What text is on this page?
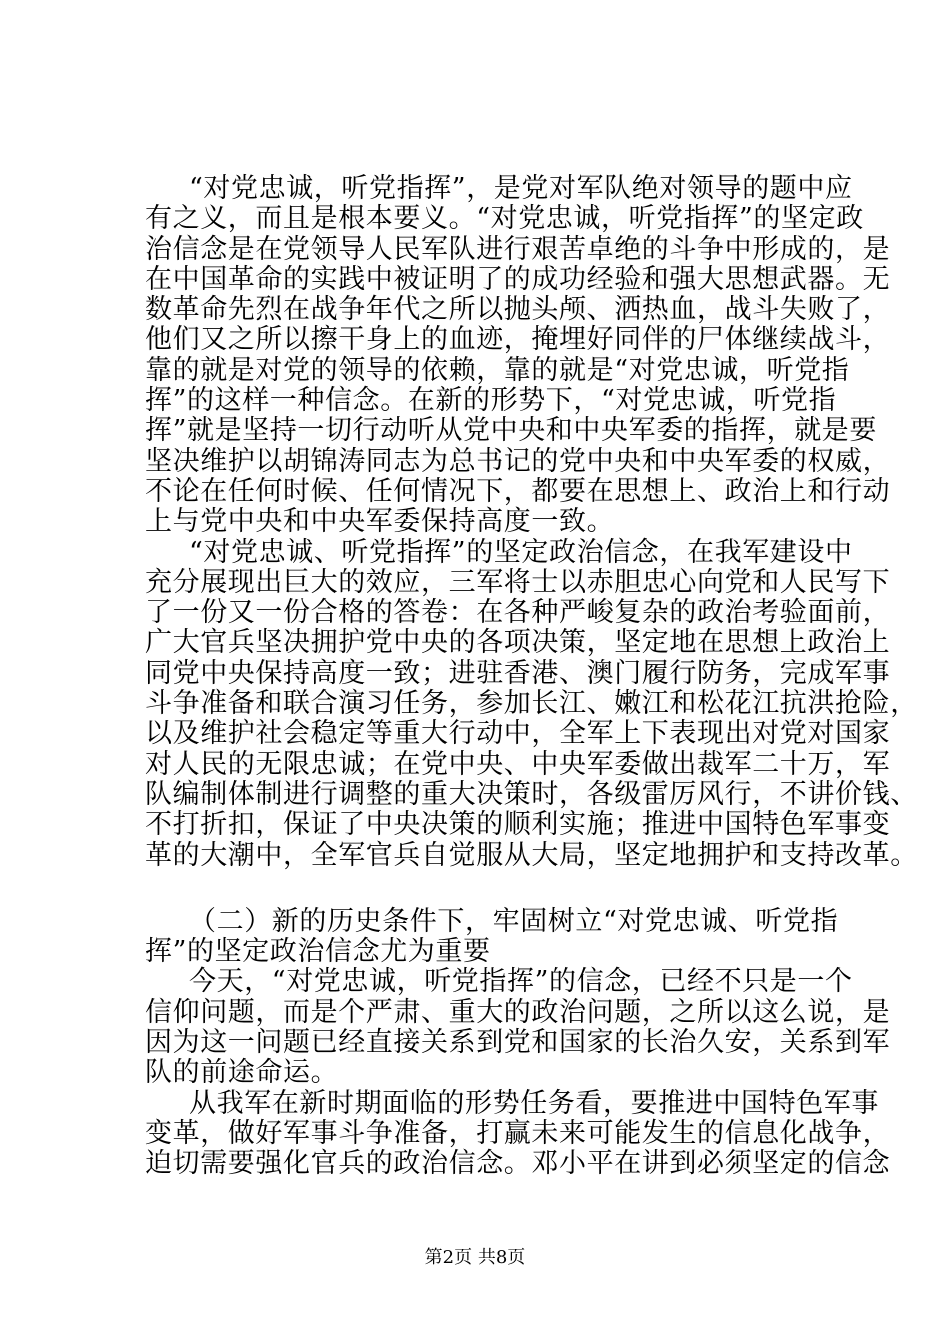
“对党忠诚，听党指挥”，是党对军队绝对领导的题中应
有之义，而且是根本要义。“对党忠诚，听党指挥”的坚定政
治信念是在党领导人民军队进行艰苦卓绝的斗争中形成的，是
在中国革命的实践中被证明了的成功经验和强大思想武器。无
数革命先烈在战争年代之所以抛头颅、洒热血，战斗失败了，
他们又之所以擦干身上的血迹，掩埋好同伴的尸体继续战斗，
靠的就是对党的领导的依赖，靠的就是“对党忠诚，听党指
挥”的这样一种信念。在新的形势下，“对党忠诚，听党指
挥”就是坚持一切行动听从党中央和中央军委的指挥，就是要
坚决维护以胡锦涛同志为总书记的党中央和中央军委的权威，
不论在任何时候、任何情况下，都要在思想上、政治上和行动
上与党中央和中央军委保持高度一致。
“对党忠诚、听党指挥”的坚定政治信念，在我军建设中
充分展现出巨大的效应，三军将士以赤胆忠心向党和人民写下
了一份又一份合格的答卷：在各种严峻复杂的政治考验面前，
广大官兵坚决拥护党中央的各项决策，坚定地在思想上政治上
同党中央保持高度一致；进驻香港、澳门履行防务，完成军事
斗争准备和联合演习任务，参加长江、嫩江和松花江抗洪抢险，
以及维护社会稳定等重大行动中，全军上下表现出对党对国家
对人民的无限忠诚；在党中央、中央军委做出裁军二十万，军
队编制体制进行调整的重大决策时，各级雷厉风行，不讲价钱、
不打折扣，保证了中央决策的顺利实施；推进中国特色军事变
革的大潮中，全军官兵自觉服从大局，坚定地拥护和支持改革。
（二）新的历史条件下，牢固树立“对党忠诚、听党指
挥”的坚定政治信念尤为重要
今天，“对党忠诚，听党指挥”的信念，已经不只是一个
信仰问题，而是个严肃、重大的政治问题，之所以这么说，是
因为这一问题已经直接关系到党和国家的长治久安，关系到军
队的前途命运。
从我军在新时期面临的形势任务看，要推进中国特色军事
变革，做好军事斗争准备，打赢未来可能发生的信息化战争，
迫切需要强化官兵的政治信念。邓小平在讲到必须坚定的信念
第2页 共8页
